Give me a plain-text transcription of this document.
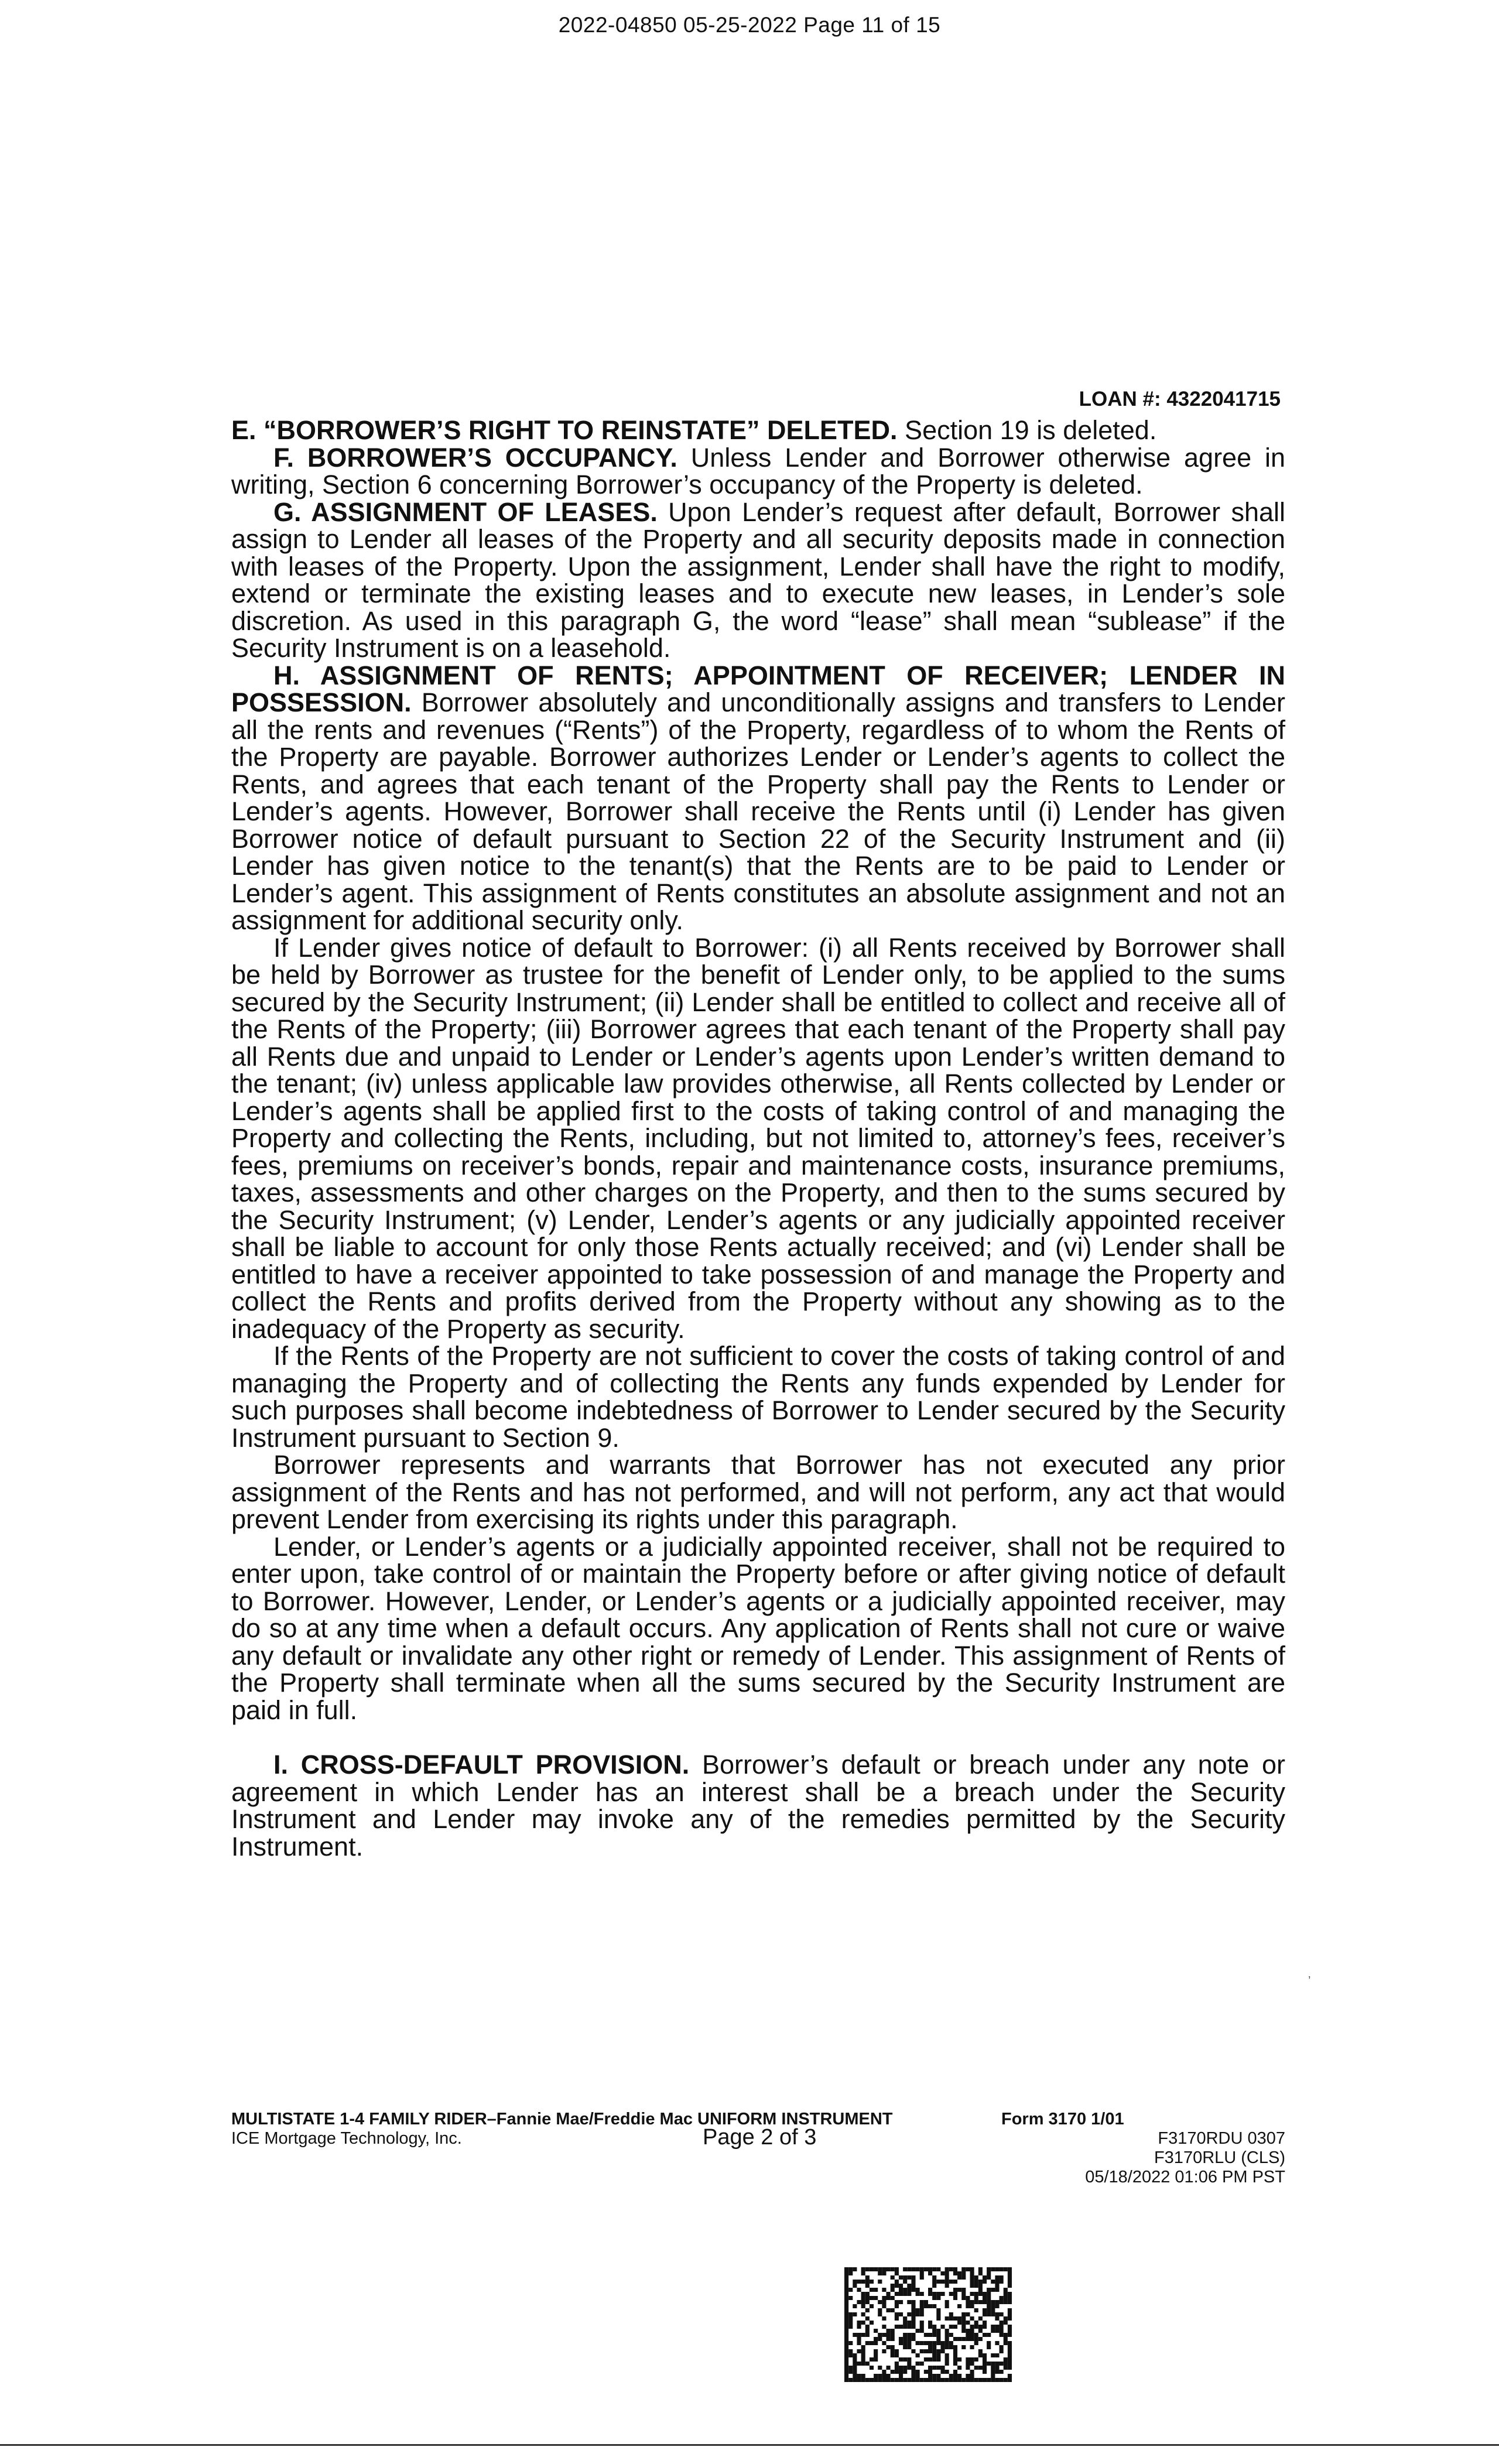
2022-04850 05-25-2022 Page 11 of 15
LOAN #: 4322041715

E. “BORROWER’S RIGHT TO REINSTATE” DELETED. Section 19 is deleted.

F. BORROWER’S OCCUPANCY. Unless Lender and Borrower otherwise agree in writing, Section 6 concerning Borrower’s occupancy of the Property is deleted.

G. ASSIGNMENT OF LEASES. Upon Lender’s request after default, Borrower shall assign to Lender all leases of the Property and all security deposits made in connection with leases of the Property. Upon the assignment, Lender shall have the right to modify, extend or terminate the existing leases and to execute new leases, in Lender’s sole discretion. As used in this paragraph G, the word “lease” shall mean “sublease” if the Security Instrument is on a leasehold.

H. ASSIGNMENT OF RENTS; APPOINTMENT OF RECEIVER; LENDER IN POSSESSION. Borrower absolutely and unconditionally assigns and transfers to Lender all the rents and revenues (“Rents”) of the Property, regardless of to whom the Rents of the Property are payable. Borrower authorizes Lender or Lender’s agents to collect the Rents, and agrees that each tenant of the Property shall pay the Rents to Lender or Lender’s agents. However, Borrower shall receive the Rents until (i) Lender has given Borrower notice of default pursuant to Section 22 of the Security Instrument and (ii) Lender has given notice to the tenant(s) that the Rents are to be paid to Lender or Lender’s agent. This assignment of Rents constitutes an absolute assignment and not an assignment for additional security only.

If Lender gives notice of default to Borrower: (i) all Rents received by Borrower shall be held by Borrower as trustee for the benefit of Lender only, to be applied to the sums secured by the Security Instrument; (ii) Lender shall be entitled to collect and receive all of the Rents of the Property; (iii) Borrower agrees that each tenant of the Property shall pay all Rents due and unpaid to Lender or Lender’s agents upon Lender’s written demand to the tenant; (iv) unless applicable law provides otherwise, all Rents collected by Lender or Lender’s agents shall be applied first to the costs of taking control of and managing the Property and collecting the Rents, including, but not limited to, attorney’s fees, receiver’s fees, premiums on receiver’s bonds, repair and maintenance costs, insurance premiums, taxes, assessments and other charges on the Property, and then to the sums secured by the Security Instrument; (v) Lender, Lender’s agents or any judicially appointed receiver shall be liable to account for only those Rents actually received; and (vi) Lender shall be entitled to have a receiver appointed to take possession of and manage the Property and collect the Rents and profits derived from the Property without any showing as to the inadequacy of the Property as security.

If the Rents of the Property are not sufficient to cover the costs of taking control of and managing the Property and of collecting the Rents any funds expended by Lender for such purposes shall become indebtedness of Borrower to Lender secured by the Security Instrument pursuant to Section 9.

Borrower represents and warrants that Borrower has not executed any prior assignment of the Rents and has not performed, and will not perform, any act that would prevent Lender from exercising its rights under this paragraph.

Lender, or Lender’s agents or a judicially appointed receiver, shall not be required to enter upon, take control of or maintain the Property before or after giving notice of default to Borrower. However, Lender, or Lender’s agents or a judicially appointed receiver, may do so at any time when a default occurs. Any application of Rents shall not cure or waive any default or invalidate any other right or remedy of Lender. This assignment of Rents of the Property shall terminate when all the sums secured by the Security Instrument are paid in full.

I. CROSS-DEFAULT PROVISION. Borrower’s default or breach under any note or agreement in which Lender has an interest shall be a breach under the Security Instrument and Lender may invoke any of the remedies permitted by the Security Instrument.

’
MULTISTATE 1-4 FAMILY RIDER–Fannie Mae/Freddie Mac UNIFORM INSTRUMENT
ICE Mortgage Technology, Inc.	Page 2 of 3
Form 3170 1/01
F3170RDU 0307
F3170RLU (CLS)
05/18/2022 01:06 PM PST
